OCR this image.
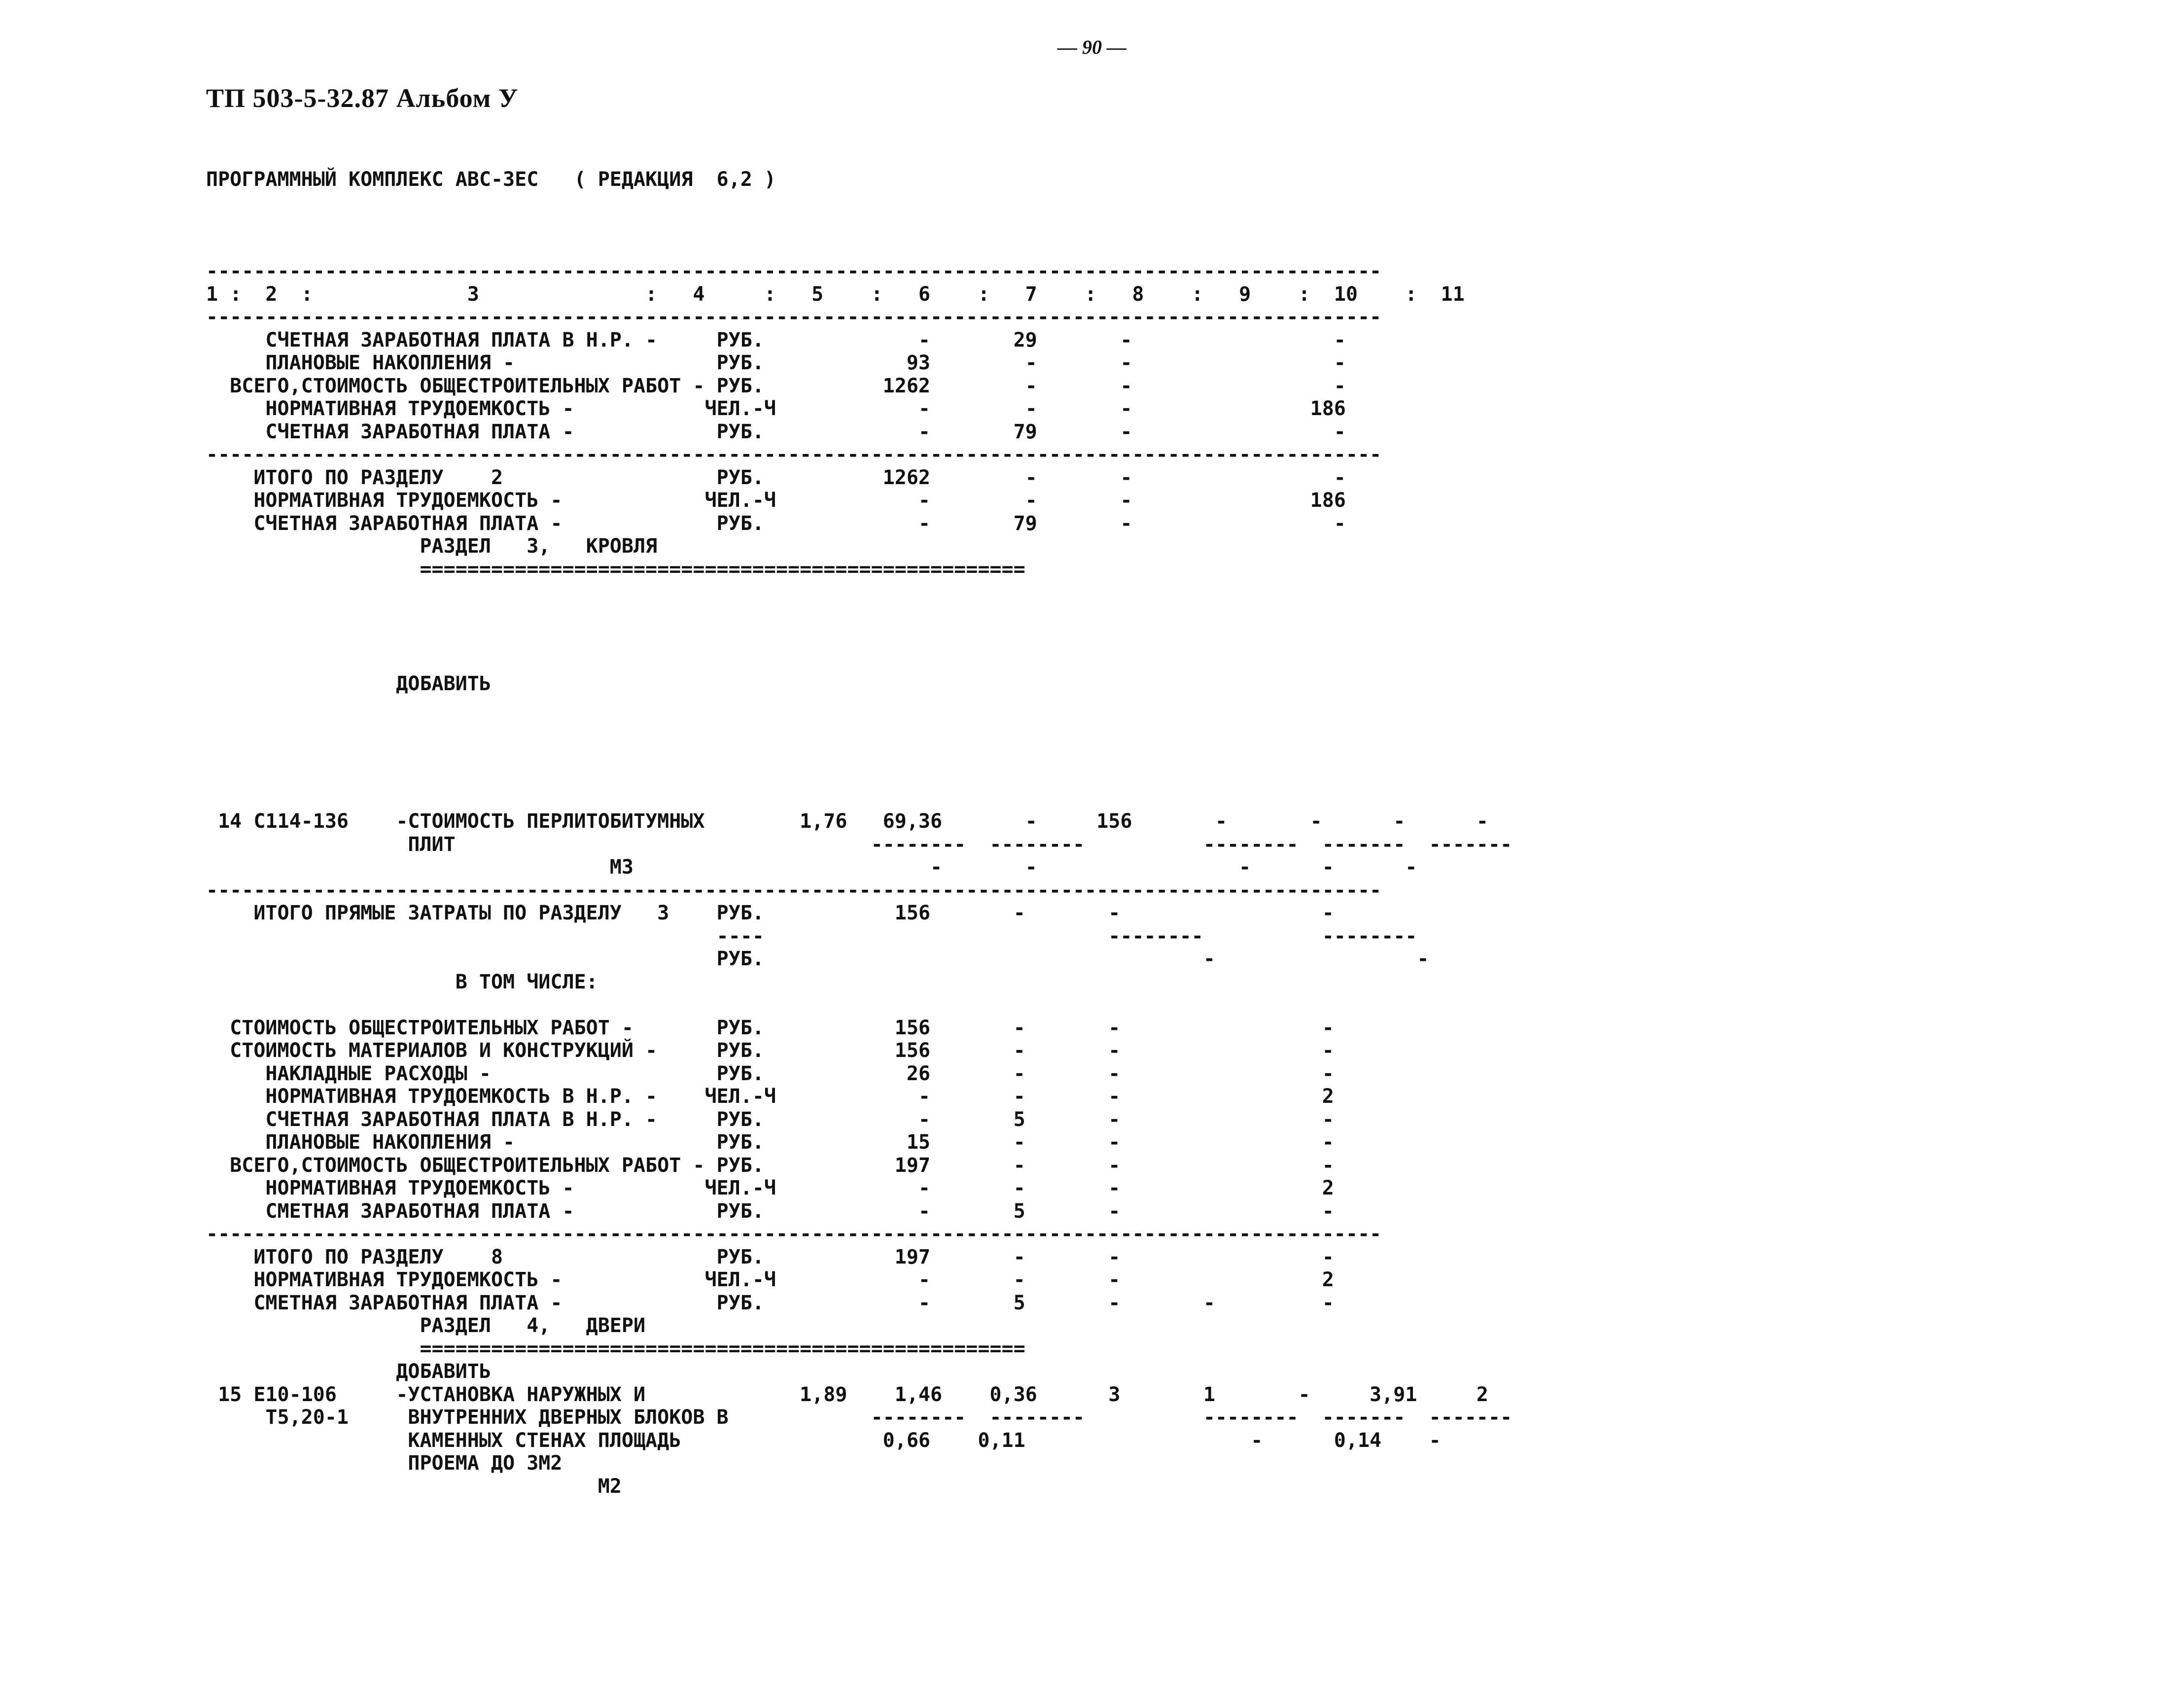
— 90 —
ТП 503-5-32.87 Альбом У

ПРОГРАММНЫЙ КОМПЛЕКС АВС-3ЕС   ( РЕДАКЦИЯ  6,2 )

---------------------------------------------------------------------------------------------------
1 :  2  :             3              :   4     :   5    :   6    :   7    :   8    :   9    :  10    :  11
---------------------------------------------------------------------------------------------------
СЧЕТНАЯ ЗАРАБОТНАЯ ПЛАТА В Н.Р. -     РУБ.             -       29       -                 -
ПЛАНОВЫЕ НАКОПЛЕНИЯ -                 РУБ.            93        -       -                 -
ВСЕГО,СТОИМОСТЬ ОБЩЕСТРОИТЕЛЬНЫХ РАБОТ - РУБ.          1262        -       -                 -
НОРМАТИВНАЯ ТРУДОЕМКОСТЬ -           ЧЕЛ.-Ч            -        -       -               186
СЧЕТНАЯ ЗАРАБОТНАЯ ПЛАТА -            РУБ.             -       79       -                 -
---------------------------------------------------------------------------------------------------
ИТОГО ПО РАЗДЕЛУ    2                  РУБ.          1262        -       -                 -
НОРМАТИВНАЯ ТРУДОЕМКОСТЬ -            ЧЕЛ.-Ч            -        -       -               186
СЧЕТНАЯ ЗАРАБОТНАЯ ПЛАТА -             РУБ.             -       79       -                 -
РАЗДЕЛ   3,   КРОВЛЯ
===================================================
ДОБАВИТЬ
14 С114-136    -СТОИМОСТЬ ПЕРЛИТОБИТУМНЫХ        1,76   69,36       -     156       -       -      -      -
ПЛИТ                                   --------  --------          --------  -------  -------
М3                         -       -                 -      -      -
---------------------------------------------------------------------------------------------------
ИТОГО ПРЯМЫЕ ЗАТРАТЫ ПО РАЗДЕЛУ   3    РУБ.           156       -       -                 -
----                             --------          --------
РУБ.                                     -                 -
В ТОМ ЧИСЛЕ:
СТОИМОСТЬ ОБЩЕСТРОИТЕЛЬНЫХ РАБОТ -       РУБ.           156       -       -                 -
СТОИМОСТЬ МАТЕРИАЛОВ И КОНСТРУКЦИЙ -     РУБ.           156       -       -                 -
НАКЛАДНЫЕ РАСХОДЫ -                   РУБ.            26       -       -                 -
НОРМАТИВНАЯ ТРУДОЕМКОСТЬ В Н.Р. -    ЧЕЛ.-Ч            -       -       -                 2
СЧЕТНАЯ ЗАРАБОТНАЯ ПЛАТА В Н.Р. -     РУБ.             -       5       -                 -
ПЛАНОВЫЕ НАКОПЛЕНИЯ -                 РУБ.            15       -       -                 -
ВСЕГО,СТОИМОСТЬ ОБЩЕСТРОИТЕЛЬНЫХ РАБОТ - РУБ.           197       -       -                 -
НОРМАТИВНАЯ ТРУДОЕМКОСТЬ -           ЧЕЛ.-Ч            -       -       -                 2
СМЕТНАЯ ЗАРАБОТНАЯ ПЛАТА -            РУБ.             -       5       -                 -
---------------------------------------------------------------------------------------------------
ИТОГО ПО РАЗДЕЛУ    8                  РУБ.           197       -       -                 -
НОРМАТИВНАЯ ТРУДОЕМКОСТЬ -            ЧЕЛ.-Ч            -       -       -                 2
СМЕТНАЯ ЗАРАБОТНАЯ ПЛАТА -             РУБ.             -       5       -       -         -
РАЗДЕЛ   4,   ДВЕРИ
===================================================
ДОБАВИТЬ
15 Е10-106     -УСТАНОВКА НАРУЖНЫХ И             1,89    1,46    0,36      3       1       -     3,91     2
Т5,20-1     ВНУТРЕННИХ ДВЕРНЫХ БЛОКОВ В            --------  --------          --------  -------  -------
КАМЕННЫХ СТЕНАХ ПЛОЩАДЬ                 0,66    0,11                   -      0,14    -
ПРОЕМА ДО 3М2
М2
